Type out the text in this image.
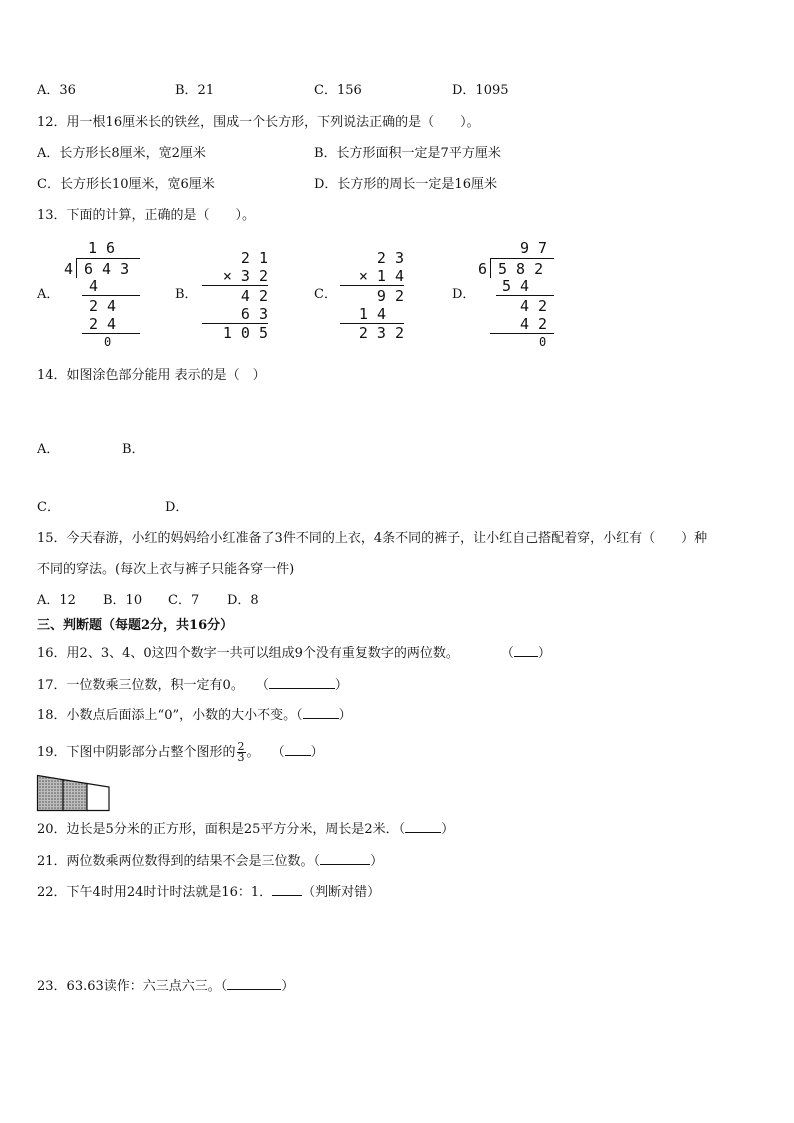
A．36	B．21	C．156	D．1095
12．用一根16厘米长的铁丝，围成一个长方形，下列说法正确的是（　　）。
A．长方形长8厘米，宽2厘米	B．长方形面积一定是7平方厘米
C．长方形长10厘米，宽6厘米	D．长方形的周长一定是16厘米
13．下面的计算，正确的是（　　）。
A．	B．	C．	D．
1 6
4 6 4 3
4
2 4
2 4
0
2 1
× 3 2
4 2
6 3
1 0 5
2 3
× 1 4
9 2
1 4
2 3 2
9 7
6 5 8 2
5 4
4 2
4 2
0
14．如图涂色部分能用 表示的是（　）
A．	B．
C．	D．
15．今天春游，小红的妈妈给小红准备了3件不同的上衣，4条不同的裤子，让小红自己搭配着穿，小红有（　　）种
不同的穿法。(每次上衣与裤子只能各穿一件)
A．12 B．10 C．7 D．8
三、判断题（每题2分，共16分）
16．用2、3、4、0这四个数字一共可以组成9个没有重复数字的两位数。	（ ）
17．一位数乘三位数，积一定有0。 （	）
18．小数点后面添上“0”，小数的大小不变。（	）
19．下图中阴影部分占整个图形的 $\frac{2}{3}$ 。 （ ）
20．边长是5分米的正方形，面积是25平方分米，周长是2米．（	）
21．两位数乘两位数得到的结果不会是三位数。（	）
22．下午4时用24时计时法就是16：1． （判断对错）
23．63.63读作：六三点六三。（	）
